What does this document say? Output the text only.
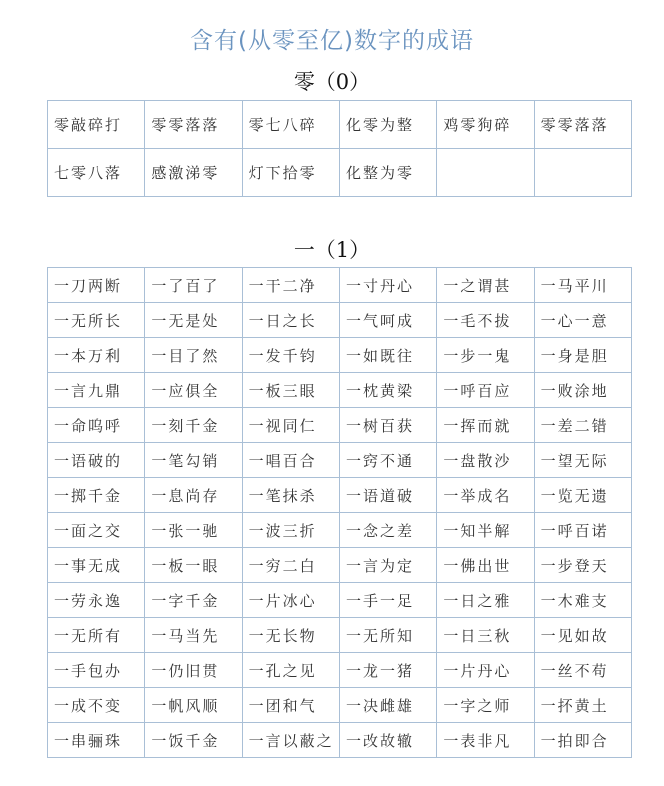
含有(从零至亿)数字的成语
零（0）
零敲碎打	零零落落	零七八碎	化零为整	鸡零狗碎	零零落落
七零八落	感激涕零	灯下拾零	化整为零		
一（1）
一刀两断	一了百了	一干二净	一寸丹心	一之谓甚	一马平川
一无所长	一无是处	一日之长	一气呵成	一毛不拔	一心一意
一本万利	一目了然	一发千钧	一如既往	一步一鬼	一身是胆
一言九鼎	一应俱全	一板三眼	一枕黄梁	一呼百应	一败涂地
一命呜呼	一刻千金	一视同仁	一树百获	一挥而就	一差二错
一语破的	一笔勾销	一唱百合	一窍不通	一盘散沙	一望无际
一掷千金	一息尚存	一笔抹杀	一语道破	一举成名	一览无遗
一面之交	一张一驰	一波三折	一念之差	一知半解	一呼百诺
一事无成	一板一眼	一穷二白	一言为定	一佛出世	一步登天
一劳永逸	一字千金	一片冰心	一手一足	一日之雅	一木难支
一无所有	一马当先	一无长物	一无所知	一日三秋	一见如故
一手包办	一仍旧贯	一孔之见	一龙一猪	一片丹心	一丝不苟
一成不变	一帆风顺	一团和气	一决雌雄	一字之师	一抔黄土
一串骊珠	一饭千金	一言以蔽之	一改故辙	一表非凡	一拍即合
